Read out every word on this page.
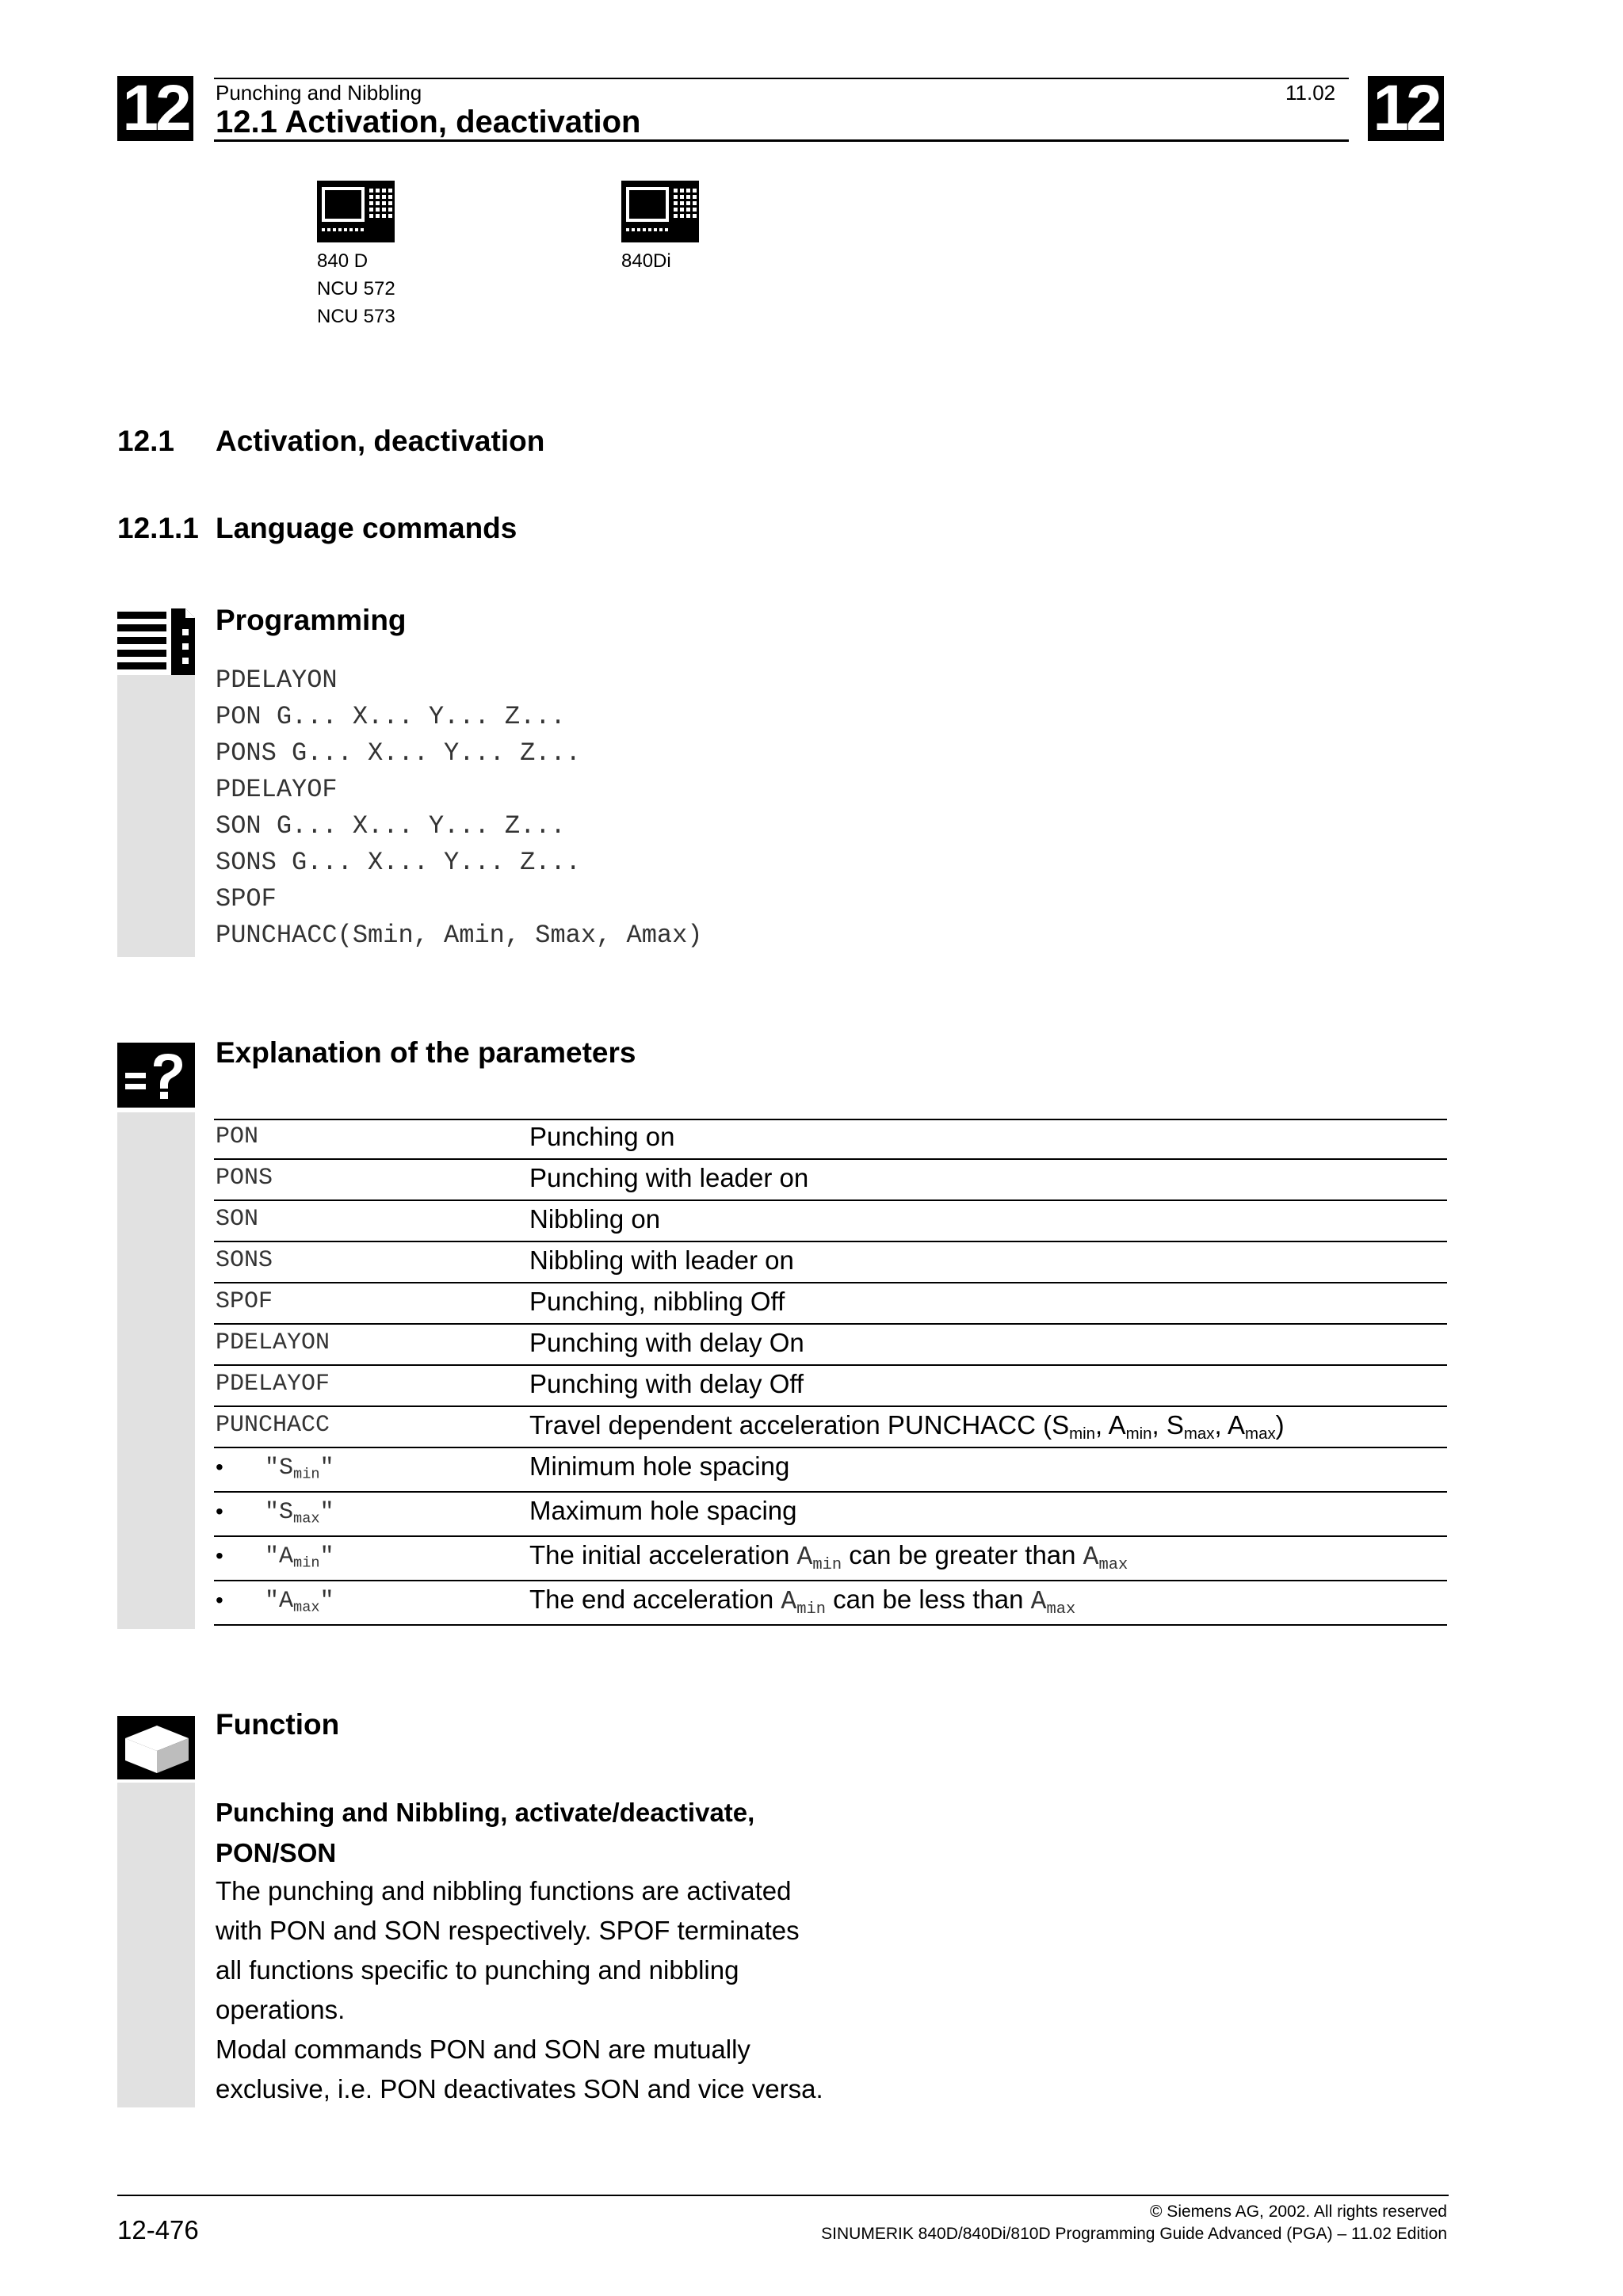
12	12
Punching and Nibbling	11.02
12.1 Activation, deactivation
840 D
NCU 572
NCU 573
840Di
12.1 Activation, deactivation
12.1.1 Language commands
Programming
PDELAYON
PON G... X... Y... Z...
PONS G... X... Y... Z...
PDELAYOF
SON G... X... Y... Z...
SONS G... X... Y... Z...
SPOF
PUNCHACC(Smin, Amin, Smax, Amax)
Explanation of the parameters
PON	Punching on
PONS	Punching with leader on
SON	Nibbling on
SONS	Nibbling with leader on
SPOF	Punching, nibbling Off
PDELAYON	Punching with delay On
PDELAYOF	Punching with delay Off
PUNCHACC	Travel dependent acceleration PUNCHACC ($S_{min}$, $A_{min}$, $S_{max}$, $A_{max}$)
• "$S_{min}$"	Minimum hole spacing
• "$S_{max}$"	Maximum hole spacing
• "$A_{min}$"	The initial acceleration $A_{min}$ can be greater than $A_{max}$
• "$A_{max}$"	The end acceleration $A_{min}$ can be less than $A_{max}$
Function
Punching and Nibbling, activate/deactivate,
PON/SON
The punching and nibbling functions are activated
with PON and SON respectively. SPOF terminates
all functions specific to punching and nibbling
operations.
Modal commands PON and SON are mutually
exclusive, i.e. PON deactivates SON and vice versa.
12-476
© Siemens AG, 2002. All rights reserved
SINUMERIK 840D/840Di/810D Programming Guide Advanced (PGA) – 11.02 Edition
